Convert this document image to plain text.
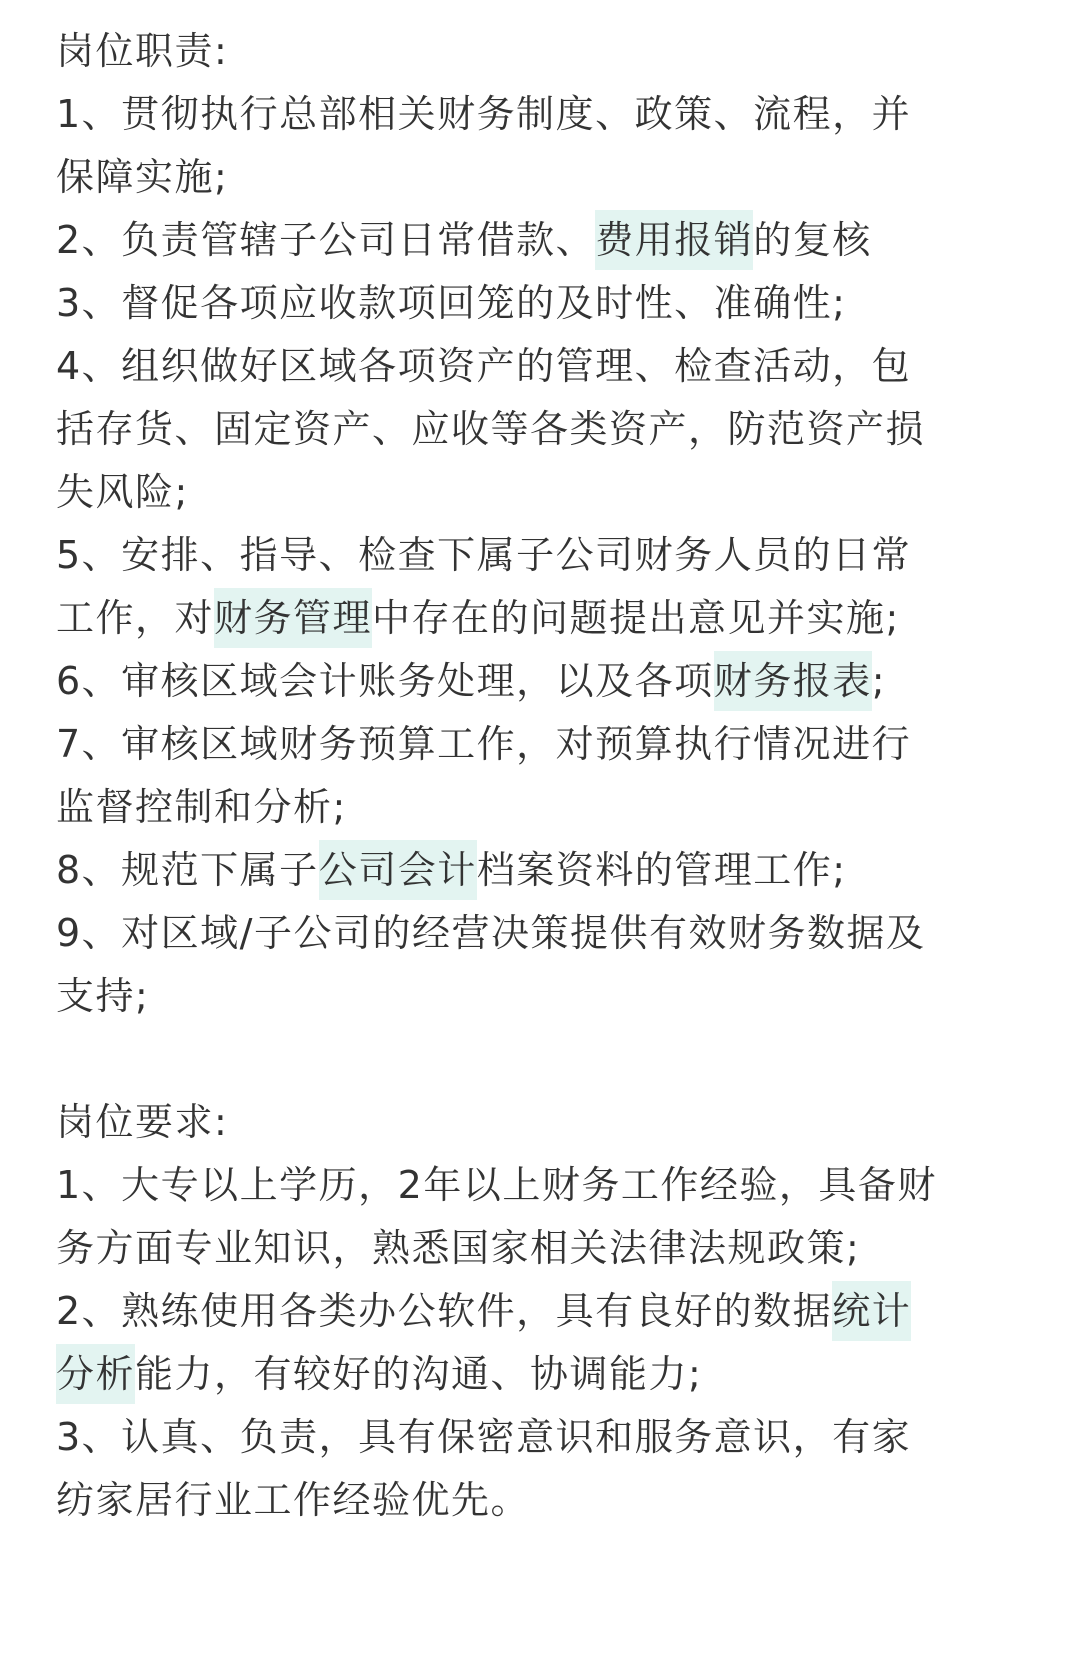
岗位职责:
1、贯彻执行总部相关财务制度、政策、流程，并
保障实施;
2、负责管辖子公司日常借款、费用报销的复核
3、督促各项应收款项回笼的及时性、准确性;
4、组织做好区域各项资产的管理、检查活动，包
括存货、固定资产、应收等各类资产，防范资产损
失风险;
5、安排、指导、检查下属子公司财务人员的日常
工作，对财务管理中存在的问题提出意见并实施;
6、审核区域会计账务处理，以及各项财务报表;
7、审核区域财务预算工作，对预算执行情况进行
监督控制和分析;
8、规范下属子公司会计档案资料的管理工作;
9、对区域/子公司的经营决策提供有效财务数据及
支持;
岗位要求:
1、大专以上学历，2年以上财务工作经验，具备财
务方面专业知识，熟悉国家相关法律法规政策;
2、熟练使用各类办公软件，具有良好的数据统计
分析能力，有较好的沟通、协调能力;
3、认真、负责，具有保密意识和服务意识，有家
纺家居行业工作经验优先。
